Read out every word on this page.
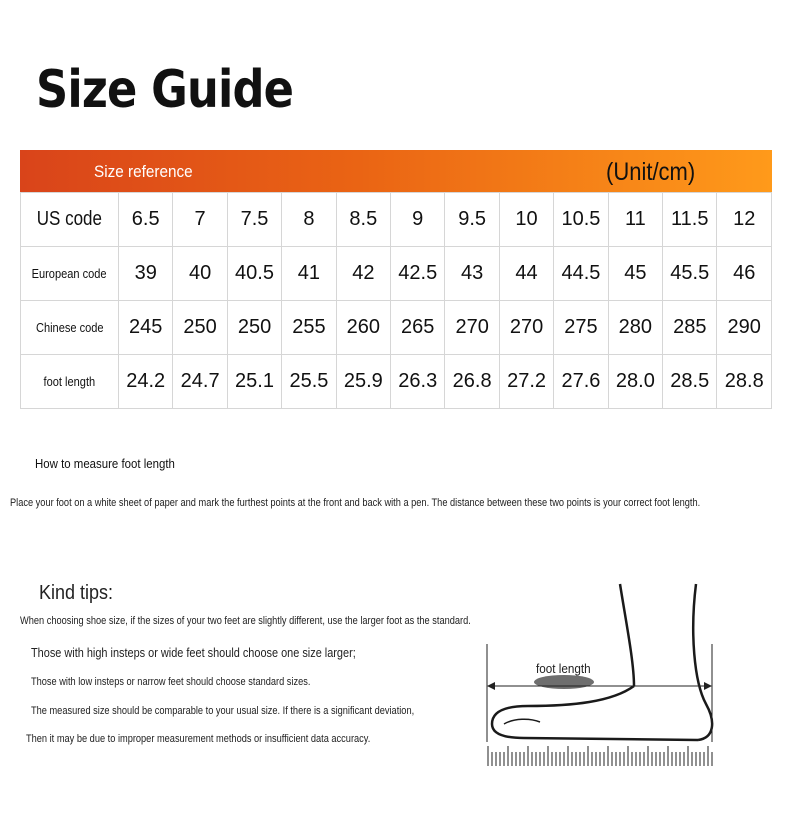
Size Guide
Size reference	(Unit/cm)
US code	6.5	7	7.5	8	8.5	9	9.5	10	10.5	11	11.5	12
European code	39	40	40.5	41	42	42.5	43	44	44.5	45	45.5	46
Chinese code	245	250	250	255	260	265	270	270	275	280	285	290
foot length	24.2	24.7	25.1	25.5	25.9	26.3	26.8	27.2	27.6	28.0	28.5	28.8
How to measure foot length
Place your foot on a white sheet of paper and mark the furthest points at the front and back with a pen. The distance between these two points is your correct foot length.
Kind tips:
When choosing shoe size, if the sizes of your two feet are slightly different, use the larger foot as the standard.
Those with high insteps or wide feet should choose one size larger;
Those with low insteps or narrow feet should choose standard sizes.
The measured size should be comparable to your usual size. If there is a significant deviation,
Then it may be due to improper measurement methods or insufficient data accuracy.
foot length
